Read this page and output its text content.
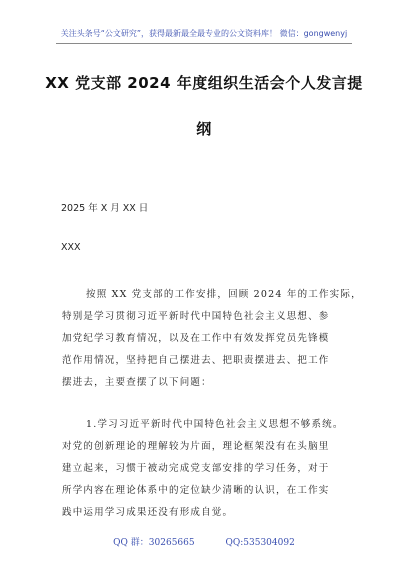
关注头条号“公文研究”，获得最新最全最专业的公文资料库！ 微信：gongwenyj
XX 党支部 2024 年度组织生活会个人发言提
纲
2025 年 X 月 XX 日
XXX
按照 XX 党支部的工作安排，回顾 2024 年的工作实际，
特别是学习贯彻习近平新时代中国特色社会主义思想、参
加党纪学习教育情况，以及在工作中有效发挥党员先锋模
范作用情况，坚持把自己摆进去、把职责摆进去、把工作
摆进去，主要查摆了以下问题：
1.学习习近平新时代中国特色社会主义思想不够系统。
对党的创新理论的理解较为片面，理论框架没有在头脑里
建立起来，习惯于被动完成党支部安排的学习任务，对于
所学内容在理论体系中的定位缺少清晰的认识，在工作实
践中运用学习成果还没有形成自觉。
QQ 群：30265665	QQ:535304092
